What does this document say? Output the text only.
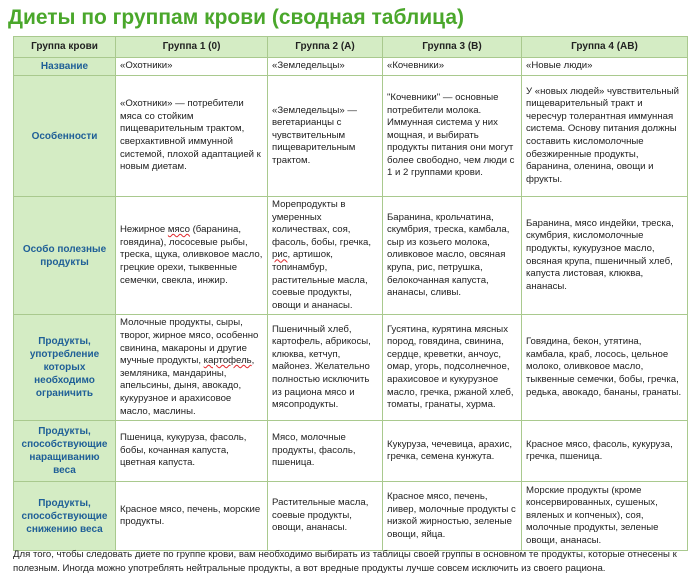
Диеты по группам крови (сводная таблица)
Группа крови	Группа 1 (0)	Группа 2 (А)	Группа 3 (В)	Группа 4 (АВ)
Название	«Охотники»	«Земледельцы»	«Кочевники»	«Новые люди»
Особенности	«Охотники» — потребители мяса со стойким пищеварительным трактом, сверхактивной иммунной системой, плохой адаптацией к новым диетам.	«Земледельцы» — вегетарианцы с чувствительным пищеварительным трактом.	"Кочевники" — основные потребители молока. Иммунная система у них мощная, и выбирать продукты питания они могут более свободно, чем люди с 1 и 2 группами крови.	У «новых людей» чувствительный пищеварительный тракт и чересчур толерантная иммунная система. Основу питания должны составить кисломолочные обезжиренные продукты, баранина, оленина, овощи и фрукты.
Особо полезные продукты	Нежирное мясо (баранина, говядина), лососевые рыбы, треска, щука, оливковое масло, грецкие орехи, тыквенные семечки, свекла, инжир.	Морепродукты в умеренных количествах, соя, фасоль, бобы, гречка, рис, артишок, топинамбур, растительные масла, соевые продукты, овощи и ананасы.	Баранина, крольчатина, скумбрия, треска, камбала, сыр из козьего молока, оливковое масло, овсяная крупа, рис, петрушка, белокочанная капуста, ананасы, сливы.	Баранина, мясо индейки, треска, скумбрия, кисломолочные продукты, кукурузное масло, овсяная крупа, пшеничный хлеб, капуста листовая, клюква, ананасы.
Продукты, употребление которых необходимо ограничить	Молочные продукты, сыры, творог, жирное мясо, особенно свинина, макароны и другие мучные продукты, картофель, земляника, мандарины, апельсины, дыня, авокадо, кукурузное и арахисовое масло, маслины.	Пшеничный хлеб, картофель, абрикосы, клюква, кетчуп, майонез. Желательно полностью исключить из рациона мясо и мясопродукты.	Гусятина, курятина мясных пород, говядина, свинина, сердце, креветки, анчоус, омар, угорь, подсолнечное, арахисовое и кукурузное масло, гречка, ржаной хлеб, томаты, гранаты, хурма.	Говядина, бекон, утятина, камбала, краб, лосось, цельное молоко, оливковое масло, тыквенные семечки, бобы, гречка, редька, авокадо, бананы, гранаты.
Продукты, способствующие наращиванию веса	Пшеница, кукуруза, фасоль, бобы, кочанная капуста, цветная капуста.	Мясо, молочные продукты, фасоль, пшеница.	Кукуруза, чечевица, арахис, гречка, семена кунжута.	Красное мясо, фасоль, кукуруза, гречка, пшеница.
Продукты, способствующие снижению веса	Красное мясо, печень, морские продукты.	Растительные масла, соевые продукты, овощи, ананасы.	Красное мясо, печень, ливер, молочные продукты с низкой жирностью, зеленые овощи, яйца.	Морские продукты (кроме консервированных, сушеных, вяленых и копченых), соя, молочные продукты, зеленые овощи, ананасы.

Для того, чтобы следовать диете по группе крови, вам необходимо выбирать из таблицы своей группы в основном те продукты, которые отнесены к полезным. Иногда можно употреблять нейтральные продукты, а вот вредные продукты лучше совсем исключить из своего рациона.
